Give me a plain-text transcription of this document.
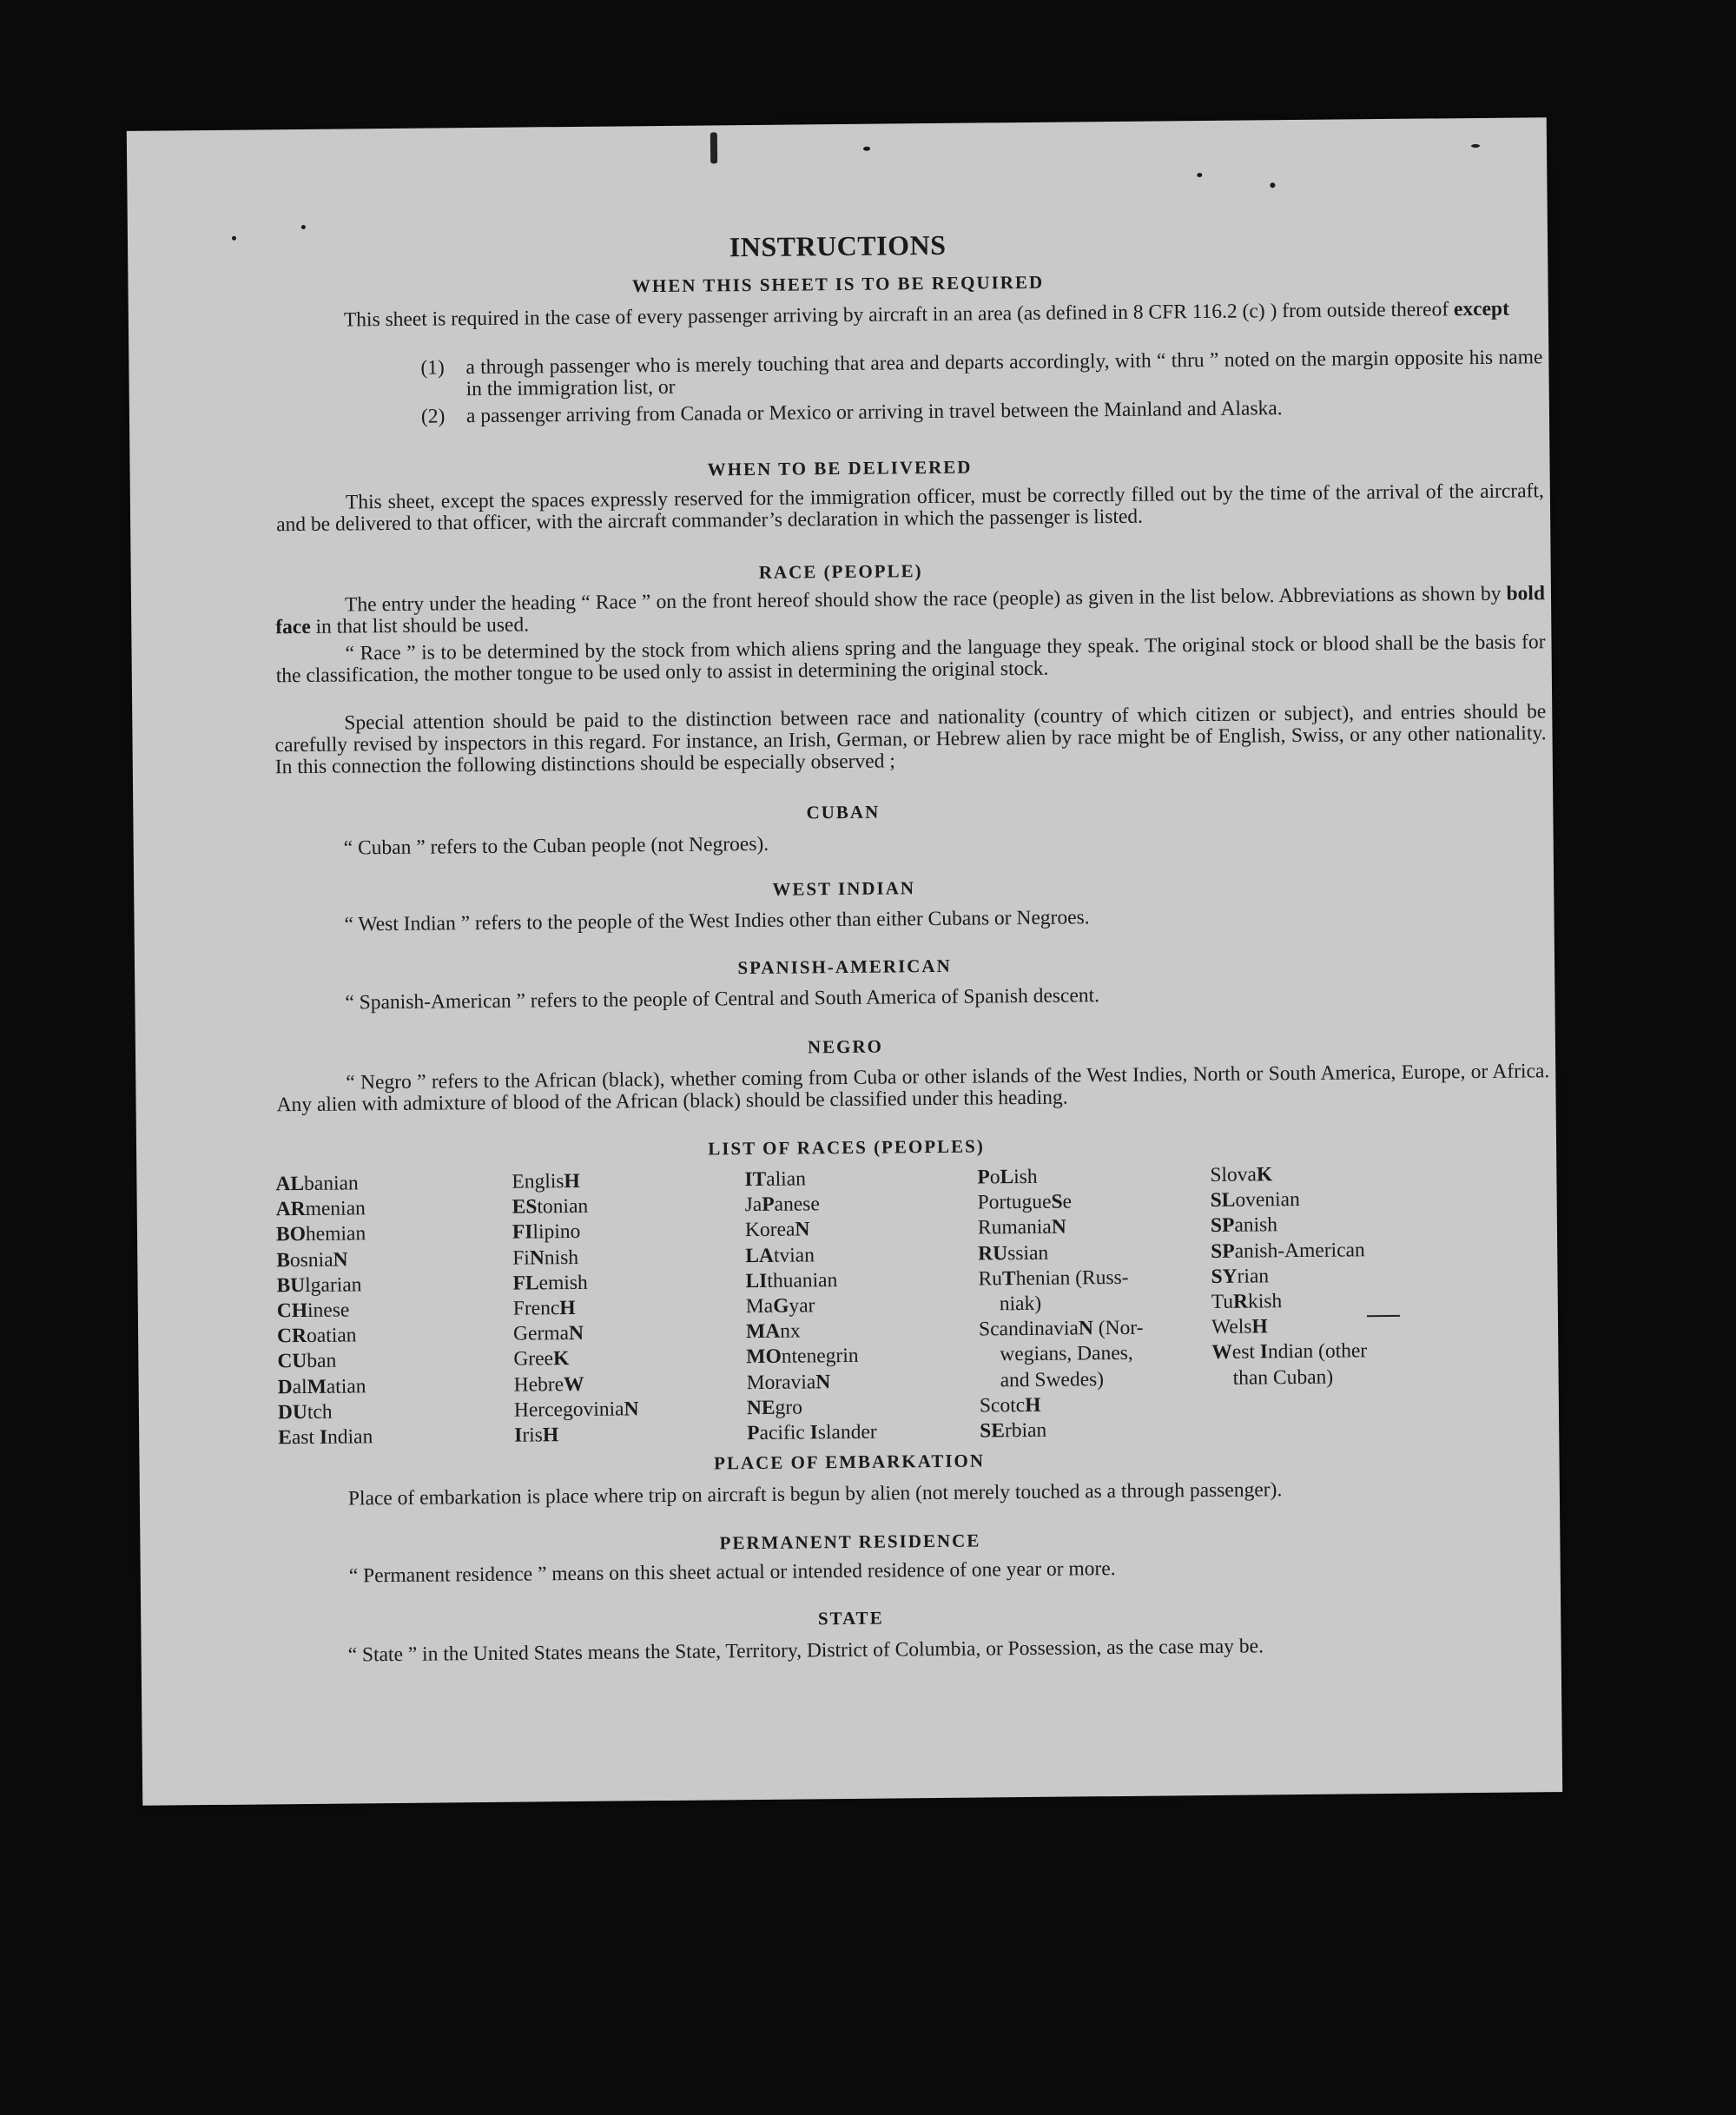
INSTRUCTIONS
WHEN THIS SHEET IS TO BE REQUIRED
This sheet is required in the case of every passenger arriving by aircraft in an area (as defined in 8 CFR 116.2 (c) ) from outside thereof except
(1) a through passenger who is merely touching that area and departs accordingly, with “ thru ” noted on the margin opposite his name in the immigration list, or
(2) a passenger arriving from Canada or Mexico or arriving in travel between the Mainland and Alaska.
WHEN TO BE DELIVERED
This sheet, except the spaces expressly reserved for the immigration officer, must be correctly filled out by the time of the arrival of the aircraft, and be delivered to that officer, with the aircraft commander’s declaration in which the passenger is listed.
RACE (PEOPLE)
The entry under the heading “ Race ” on the front hereof should show the race (people) as given in the list below. Abbreviations as shown by bold face in that list should be used.
“ Race ” is to be determined by the stock from which aliens spring and the language they speak. The original stock or blood shall be the basis for the classification, the mother tongue to be used only to assist in determining the original stock.
Special attention should be paid to the distinction between race and nationality (country of which citizen or subject), and entries should be carefully revised by inspectors in this regard. For instance, an Irish, German, or Hebrew alien by race might be of English, Swiss, or any other nationality. In this connection the following distinctions should be especially observed ;
CUBAN
“ Cuban ” refers to the Cuban people (not Negroes).
WEST INDIAN
“ West Indian ” refers to the people of the West Indies other than either Cubans or Negroes.
SPANISH-AMERICAN
“ Spanish-American ” refers to the people of Central and South America of Spanish descent.
NEGRO
“ Negro ” refers to the African (black), whether coming from Cuba or other islands of the West Indies, North or South America, Europe, or Africa. Any alien with admixture of blood of the African (black) should be classified under this heading.
LIST OF RACES (PEOPLES)
ALbanian
ARmenian
BOhemian
BosniaN
BUlgarian
CHinese
CRoatian
CUban
DalMatian
DUtch
East Indian
EnglisH
EStonian
FIlipino
FiNnish
FLemish
FrencH
GermaN
GreeK
HebreW
HercegoviniaN
IrisH
ITalian
JaPanese
KoreaN
LAtvian
LIthuanian
MaGyar
MAnx
MOntenegrin
MoraviaN
NEgro
Pacific Islander
PoLish
PortugueSe
RumaniaN
RUssian
RuThenian (Russ-
niak)
ScandinaviaN (Nor-
wegians, Danes,
and Swedes)
ScotcH
SErbian
SlovaK
SLovenian
SPanish
SPanish-American
SYrian
TuRkish
WelsH
West Indian (other
than Cuban)
PLACE OF EMBARKATION
Place of embarkation is place where trip on aircraft is begun by alien (not merely touched as a through passenger).
PERMANENT RESIDENCE
“ Permanent residence ” means on this sheet actual or intended residence of one year or more.
STATE
“ State ” in the United States means the State, Territory, District of Columbia, or Possession, as the case may be.
